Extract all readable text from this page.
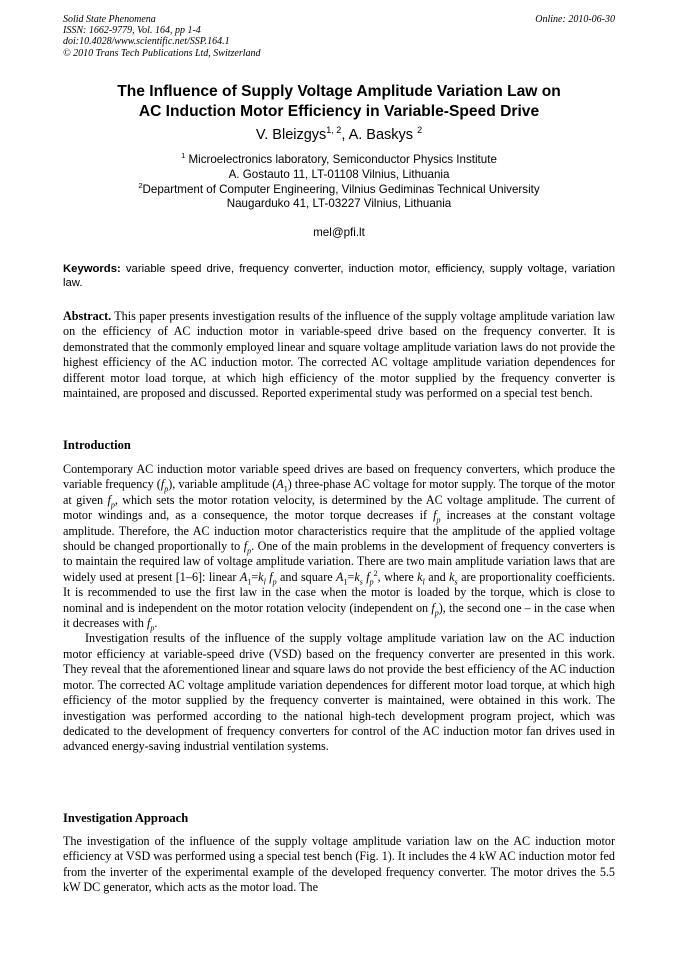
Solid State Phenomena
ISSN: 1662-9779, Vol. 164, pp 1-4
doi:10.4028/www.scientific.net/SSP.164.1
© 2010 Trans Tech Publications Ltd, Switzerland
Online: 2010-06-30
The Influence of Supply Voltage Amplitude Variation Law on
AC Induction Motor Efficiency in Variable-Speed Drive
V. Bleizgys$^{1, 2}$, A. Baskys $^2$
$^1$ Microelectronics laboratory, Semiconductor Physics Institute
A. Gostauto 11, LT-01108 Vilnius, Lithuania
$^2$Department of Computer Engineering, Vilnius Gediminas Technical University
Naugarduko 41, LT-03227 Vilnius, Lithuania
mel@pfi.lt
Keywords: variable speed drive, frequency converter, induction motor, efficiency, supply voltage, variation law.

Abstract. This paper presents investigation results of the influence of the supply voltage amplitude variation law on the efficiency of AC induction motor in variable-speed drive based on the frequency converter. It is demonstrated that the commonly employed linear and square voltage amplitude variation laws do not provide the highest efficiency of the AC induction motor. The corrected AC voltage amplitude variation dependences for different motor load torque, at which high efficiency of the motor supplied by the frequency converter is maintained, are proposed and discussed. Reported experimental study was performed on a special test bench.

Introduction

Contemporary AC induction motor variable speed drives are based on frequency converters, which produce the variable frequency $(f_p)$, variable amplitude $(A_1)$ three-phase AC voltage for motor supply. The torque of the motor at given $f_p$, which sets the motor rotation velocity, is determined by the AC voltage amplitude. The current of motor windings and, as a consequence, the motor torque decreases if $f_p$ increases at the constant voltage amplitude. Therefore, the AC induction motor characteristics require that the amplitude of the applied voltage should be changed proportionally to $f_p$. One of the main problems in the development of frequency converters is to maintain the required law of voltage amplitude variation. There are two main amplitude variation laws that are widely used at present [1–6]: linear $A_1=k_l$ $f_p$ and square $A_1=k_s$ $f_p^2$, where $k_l$ and $k_s$ are proportionality coefficients. It is recommended to use the first law in the case when the motor is loaded by the torque, which is close to nominal and is independent on the motor rotation velocity (independent on $f_p$), the second one – in the case when it decreases with $f_p$.

Investigation results of the influence of the supply voltage amplitude variation law on the AC induction motor efficiency at variable-speed drive (VSD) based on the frequency converter are presented in this work. They reveal that the aforementioned linear and square laws do not provide the best efficiency of the AC induction motor. The corrected AC voltage amplitude variation dependences for different motor load torque, at which high efficiency of the motor supplied by the frequency converter is maintained, were obtained in this work. The investigation was performed according to the national high-tech development program project, which was dedicated to the development of frequency converters for control of the AC induction motor fan drives used in advanced energy-saving industrial ventilation systems.

Investigation Approach

The investigation of the influence of the supply voltage amplitude variation law on the AC induction motor efficiency at VSD was performed using a special test bench (Fig. 1). It includes the 4 kW AC induction motor fed from the inverter of the experimental example of the developed frequency converter. The motor drives the 5.5 kW DC generator, which acts as the motor load. The
